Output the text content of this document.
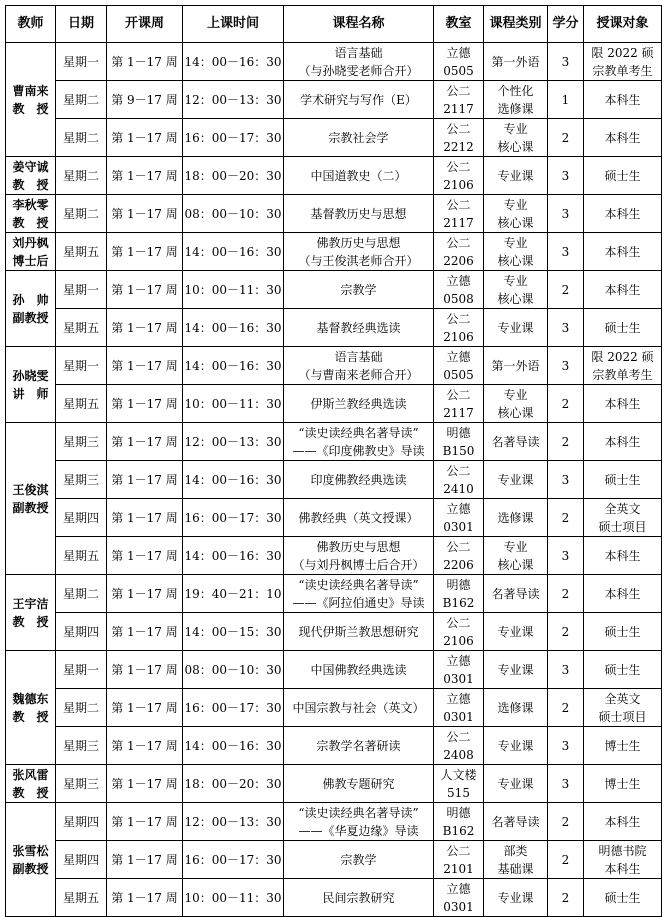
教师	日期	开课周	上课时间	课程名称	教室	课程类别	学分	授课对象

曹南来
教　授	星期一	第 1－17 周	14：00－16：30	语言基础
（与孙晓雯老师合开）	立德
0505	第一外语	3	限 2022 硕
宗教单考生

	星期二	第 9－17 周	12：00－13：30	学术研究与写作（E）	公二
2117	个性化
选修课	1	本科生

	星期二	第 1－17 周	16：00－17：30	宗教社会学	公二
2212	专业
核心课	2	本科生

姜守诚
教　授	星期二	第 1－17 周	18：00－20：30	中国道教史（二）	公二
2106	专业课	3	硕士生

李秋零
教　授	星期二	第 1－17 周	08：00－10：30	基督教历史与思想	公二
2117	专业
核心课	3	本科生

刘丹枫
博士后	星期五	第 1－17 周	14：00－16：30	佛教历史与思想
（与王俊淇老师合开）	公二
2206	专业
核心课	3	本科生

孙　帅
副教授	星期一	第 1－17 周	10：00－11：30	宗教学	立德
0508	专业
核心课	2	本科生

	星期五	第 1－17 周	14：00－16：30	基督教经典选读	公二
2106	专业课	3	硕士生

孙晓雯
讲　师	星期一	第 1－17 周	14：00－16：30	语言基础
（与曹南来老师合开）	立德
0505	第一外语	3	限 2022 硕
宗教单考生

	星期五	第 1－17 周	10：00－11：30	伊斯兰教经典选读	公二
2117	专业
核心课	2	本科生

王俊淇
副教授	星期三	第 1－17 周	12：00－13：30	“读史读经典名著导读”
——《印度佛教史》导读	明德
B150	名著导读	2	本科生

	星期三	第 1－17 周	14：00－16：30	印度佛教经典选读	公二
2410	专业课	3	硕士生

	星期四	第 1－17 周	16：00－17：30	佛教经典（英文授课）	立德
0301	选修课	2	全英文
硕士项目

	星期五	第 1－17 周	14：00－16：30	佛教历史与思想
（与刘丹枫博士后合开）	公二
2206	专业
核心课	3	本科生

王宇洁
教　授	星期二	第 1－17 周	19：40－21：10	“读史读经典名著导读”
——《阿拉伯通史》导读	明德
B162	名著导读	2	本科生

	星期四	第 1－17 周	14：00－15：30	现代伊斯兰教思想研究	公二
2106	专业课	2	硕士生

魏德东
教　授	星期一	第 1－17 周	08：00－10：30	中国佛教经典选读	立德
0301	专业课	3	硕士生

	星期二	第 1－17 周	16：00－17：30	中国宗教与社会（英文）	立德
0301	选修课	2	全英文
硕士项目

	星期三	第 1－17 周	14：00－16：30	宗教学名著研读	公二
2408	专业课	3	博士生

张风雷
教　授	星期三	第 1－17 周	18：00－20：30	佛教专题研究	人文楼
515	专业课	3	博士生

张雪松
副教授	星期四	第 1－17 周	12：00－13：30	“读史读经典名著导读”
——《华夏边缘》导读	明德
B162	名著导读	2	本科生

	星期四	第 1－17 周	16：00－17：30	宗教学	公二
2101	部类
基础课	2	明德书院
本科生

	星期五	第 1－17 周	10：00－11：30	民间宗教研究	立德
0301	专业课	2	硕士生
